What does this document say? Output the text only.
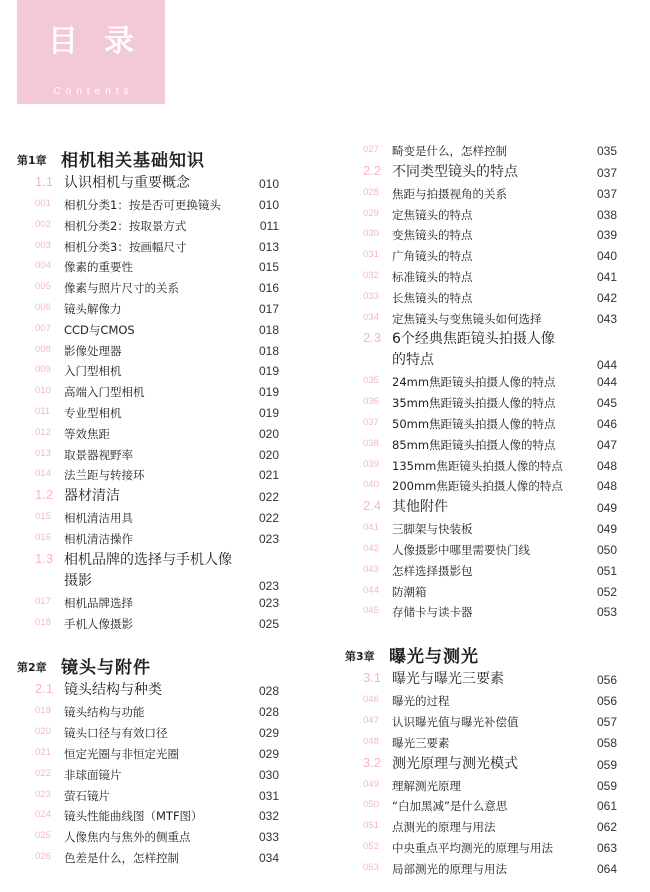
目录
Contents
第1章 相机相关基础知识
1.1 认识相机与重要概念	010
001 相机分类1：按是否可更换镜头	010
002 相机分类2：按取景方式	011
003 相机分类3：按画幅尺寸	013
004 像素的重要性	015
005 像素与照片尺寸的关系	016
006 镜头解像力	017
007 CCD与CMOS	018
008 影像处理器	018
009 入门型相机	019
010 高端入门型相机	019
011 专业型相机	019
012 等效焦距	020
013 取景器视野率	020
014 法兰距与转接环	021
1.2 器材清洁	022
015 相机清洁用具	022
016 相机清洁操作	023
1.3 相机品牌的选择与手机人像摄影	023
017 相机品牌选择	023
018 手机人像摄影	025
第2章 镜头与附件
2.1 镜头结构与种类	028
019 镜头结构与功能	028
020 镜头口径与有效口径	029
021 恒定光圈与非恒定光圈	029
022 非球面镜片	030
023 萤石镜片	031
024 镜头性能曲线图（MTF图）	032
025 人像焦内与焦外的侧重点	033
026 色差是什么，怎样控制	034
027 畸变是什么，怎样控制	035
2.2 不同类型镜头的特点	037
028 焦距与拍摄视角的关系	037
029 定焦镜头的特点	038
030 变焦镜头的特点	039
031 广角镜头的特点	040
032 标准镜头的特点	041
033 长焦镜头的特点	042
034 定焦镜头与变焦镜头如何选择	043
2.3 6个经典焦距镜头拍摄人像的特点	044
035 24mm焦距镜头拍摄人像的特点	044
036 35mm焦距镜头拍摄人像的特点	045
037 50mm焦距镜头拍摄人像的特点	046
038 85mm焦距镜头拍摄人像的特点	047
039 135mm焦距镜头拍摄人像的特点	048
040 200mm焦距镜头拍摄人像的特点	048
2.4 其他附件	049
041 三脚架与快装板	049
042 人像摄影中哪里需要快门线	050
043 怎样选择摄影包	051
044 防潮箱	052
045 存储卡与读卡器	053
第3章 曝光与测光
3.1 曝光与曝光三要素	056
046 曝光的过程	056
047 认识曝光值与曝光补偿值	057
048 曝光三要素	058
3.2 测光原理与测光模式	059
049 理解测光原理	059
050 “白加黑减”是什么意思	061
051 点测光的原理与用法	062
052 中央重点平均测光的原理与用法	063
053 局部测光的原理与用法	064
